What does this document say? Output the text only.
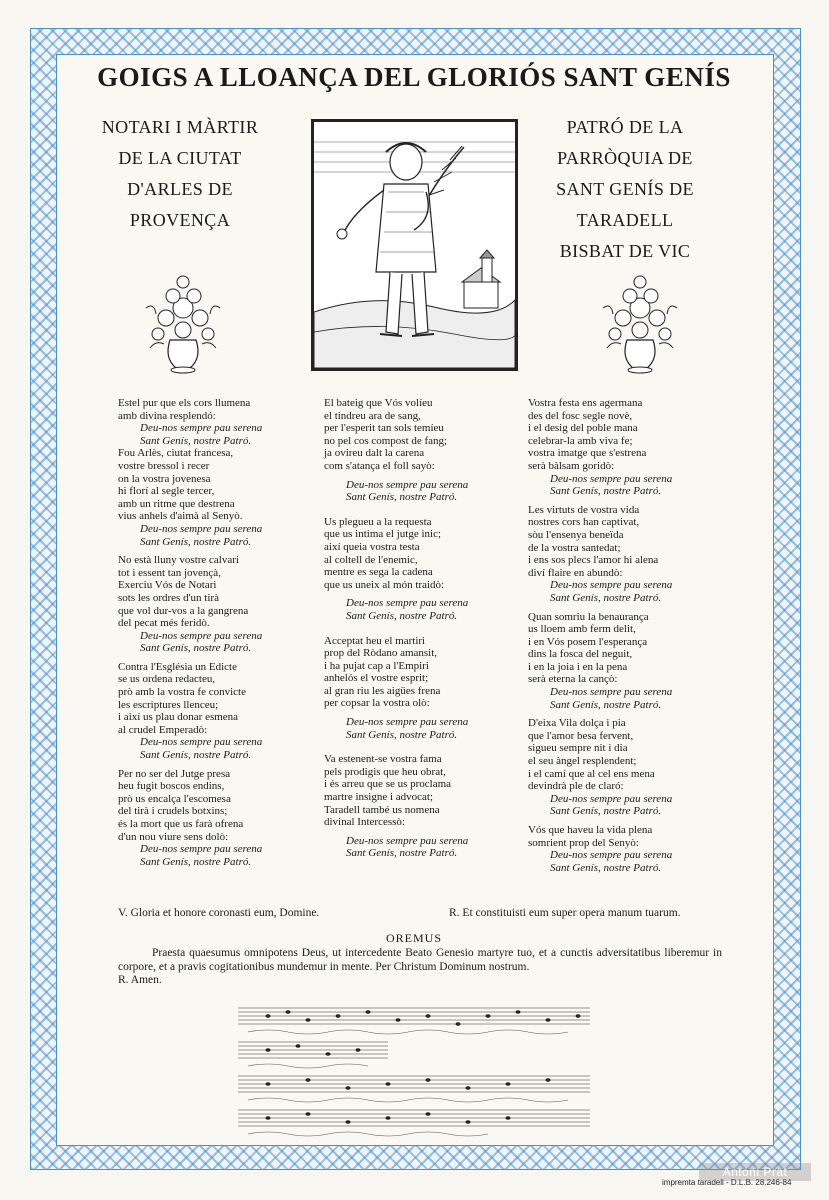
GOIGS A LLOANÇA DEL GLORIÓS SANT GENÍS
NOTARI I MÀRTIR
DE LA CIUTAT
D'ARLES DE
PROVENÇA
PATRÓ DE LA
PARRÒQUIA DE
SANT GENÍS DE
TARADELL
BISBAT DE VIC
Estel pur que els cors llumena
amb divina resplendó:
Deu-nos sempre pau serena
Sant Genís, nostre Patró.
Fou Arlès, ciutat francesa,
vostre bressol i recer
on la vostra jovenesa
hi florí al segle tercer,
amb un ritme que destrena
vius anhels d'aimà al Senyò.
Deu-nos sempre pau serena
Sant Genís, nostre Patró.
No està lluny vostre calvari
tot i essent tan jovençà,
Exerciu Vós de Notari
sots les ordres d'un tirà
que vol dur-vos a la gangrena
del pecat més feridò.
Deu-nos sempre pau serena
Sant Genís, nostre Patró.
Contra l'Església un Edicte
se us ordena redacteu,
prò amb la vostra fe convicte
les escriptures llenceu;
i així us plau donar esmena
al crudel Emperadò:
Deu-nos sempre pau serena
Sant Genís, nostre Patró.
Per no ser del Jutge presa
heu fugit boscos endins,
prò us encalça l'escomesa
del tirà i crudels botxins;
és la mort que us farà ofrena
d'un nou viure sens dolò:
Deu-nos sempre pau serena
Sant Genís, nostre Patró.
El bateig que Vós volíeu
el tindreu ara de sang,
per l'esperit tan sols temíeu
no pel cos compost de fang;
ja ovireu dalt la carena
com s'atança el foll sayò:
Deu-nos sempre pau serena
Sant Genís, nostre Patró.
Us plegueu a la requesta
que us intima el jutge inic;
així queia vostra testa
al coltell de l'enemic,
mentre es sega la cadena
que us uneix al món traidò:
Deu-nos sempre pau serena
Sant Genís, nostre Patró.
Acceptat heu el martiri
prop del Ròdano amansit,
i ha pujat cap a l'Empiri
anhelós el vostre esprit;
al gran riu les aigües frena
per copsar la vostra olò:
Deu-nos sempre pau serena
Sant Genís, nostre Patró.
Va estenent-se vostra fama
pels prodigis que heu obrat,
i és arreu que se us proclama
martre insigne i advocat;
Taradell també us nomena
divinal Intercessò:
Deu-nos sempre pau serena
Sant Genís, nostre Patró.
Vostra festa ens agermana
des del fosc segle novè,
i el desig del poble mana
celebrar-la amb viva fe;
vostra imatge que s'estrena
serà bàlsam goridò:
Deu-nos sempre pau serena
Sant Genís, nostre Patró.
Les virtuts de vostra vida
nostres cors han captivat,
sòu l'ensenya beneïda
de la vostra santedat;
i ens sos plecs l'amor hi alena
diví flaire en abundò:
Deu-nos sempre pau serena
Sant Genís, nostre Patró.
Quan somriu la benaurança
us lloem amb ferm delit,
i en Vós posem l'esperança
dins la fosca del neguit,
i en la joia i en la pena
serà eterna la cançò:
Deu-nos sempre pau serena
Sant Genís, nostre Patró.
D'eixa Vila dolça i pia
que l'amor besa fervent,
sigueu sempre nit i dia
el seu àngel resplendent;
i el camí que al cel ens mena
devindrà ple de claró:
Deu-nos sempre pau serena
Sant Genís, nostre Patró.
Vós que haveu la vida plena
somrient prop del Senyò:
Deu-nos sempre pau serena
Sant Genís, nostre Patró.
V. Gloria et honore coronasti eum, Domine.	R. Et constituisti eum super opera manum tuarum.
OREMUS
Praesta quaesumus omnipotens Deus, ut intercedente Beato Genesio martyre tuo, et a cunctis adversitatibus liberemur in corpore, et a pravis cogitationibus mundemur in mente. Per Christum Dominum nostrum.
R. Amen.
impremta taradell - D.L.B. 28.246-84
Antoni Prat
